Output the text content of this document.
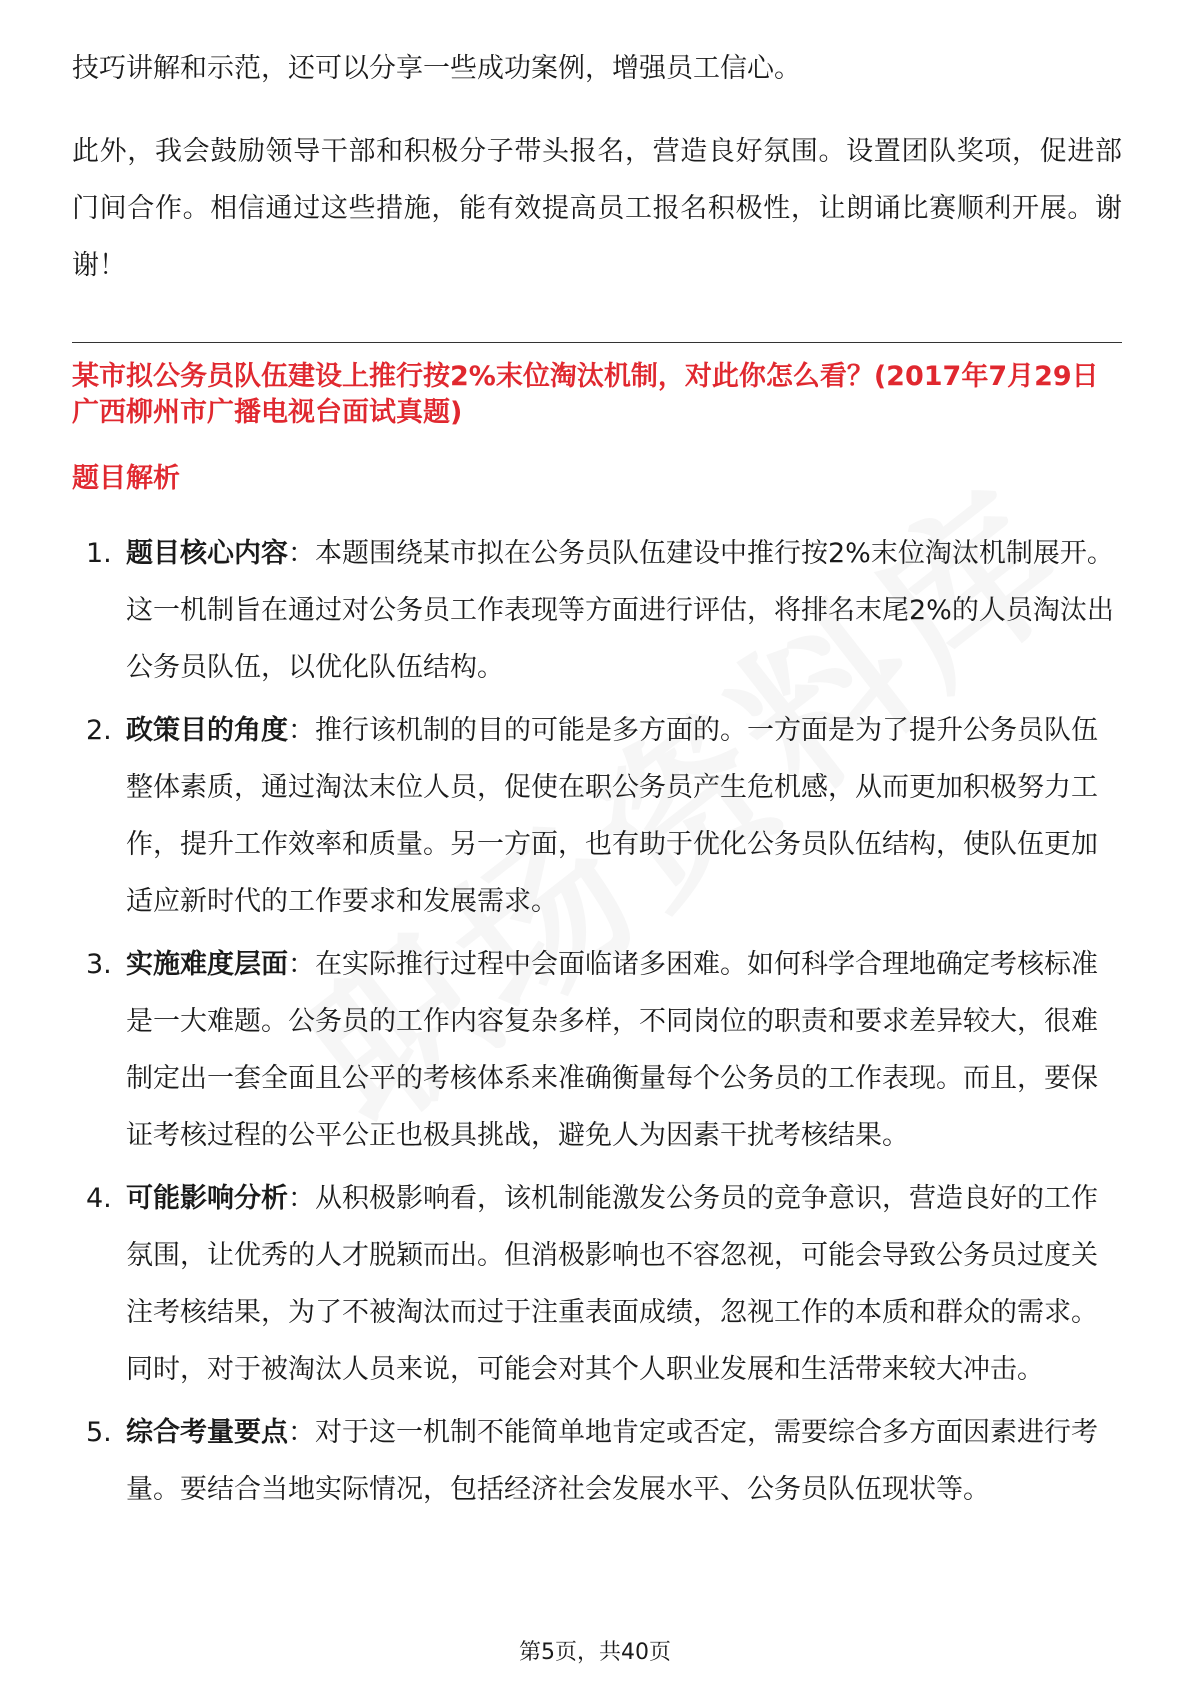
技巧讲解和示范，还可以分享一些成功案例，增强员工信心。

此外，我会鼓励领导干部和积极分子带头报名，营造良好氛围。设置团队奖项，促进部门间合作。相信通过这些措施，能有效提高员工报名积极性，让朗诵比赛顺利开展。谢谢！

某市拟公务员队伍建设上推行按2%末位淘汰机制，对此你怎么看？(2017年7月29日广西柳州市广播电视台面试真题)

题目解析

1. 题目核心内容：本题围绕某市拟在公务员队伍建设中推行按2%末位淘汰机制展开。这一机制旨在通过对公务员工作表现等方面进行评估，将排名末尾2%的人员淘汰出公务员队伍，以优化队伍结构。
2. 政策目的角度：推行该机制的目的可能是多方面的。一方面是为了提升公务员队伍整体素质，通过淘汰末位人员，促使在职公务员产生危机感，从而更加积极努力工作，提升工作效率和质量。另一方面，也有助于优化公务员队伍结构，使队伍更加适应新时代的工作要求和发展需求。
3. 实施难度层面：在实际推行过程中会面临诸多困难。如何科学合理地确定考核标准是一大难题。公务员的工作内容复杂多样，不同岗位的职责和要求差异较大，很难制定出一套全面且公平的考核体系来准确衡量每个公务员的工作表现。而且，要保证考核过程的公平公正也极具挑战，避免人为因素干扰考核结果。
4. 可能影响分析：从积极影响看，该机制能激发公务员的竞争意识，营造良好的工作氛围，让优秀的人才脱颖而出。但消极影响也不容忽视，可能会导致公务员过度关注考核结果，为了不被淘汰而过于注重表面成绩，忽视工作的本质和群众的需求。同时，对于被淘汰人员来说，可能会对其个人职业发展和生活带来较大冲击。
5. 综合考量要点：对于这一机制不能简单地肯定或否定，需要综合多方面因素进行考量。要结合当地实际情况，包括经济社会发展水平、公务员队伍现状等。
第5页，共40页
